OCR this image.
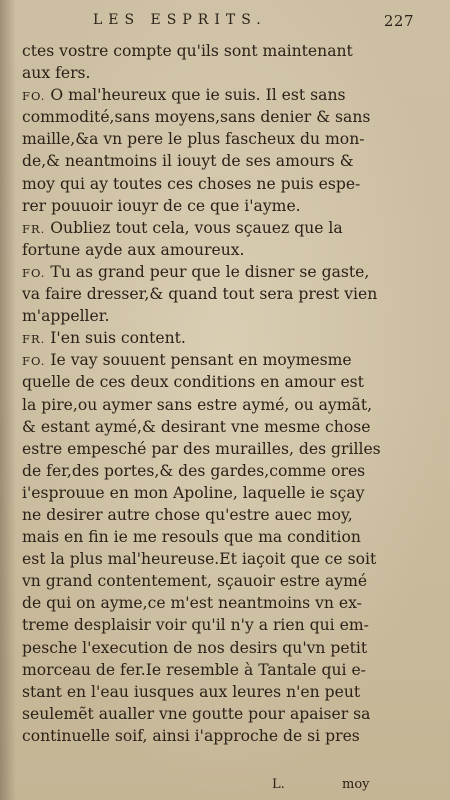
LES ESPRITS.	227
ctes vostre compte qu'ils sont maintenant
aux fers.
FO. O mal'heureux que ie suis. Il est sans
commodité,sans moyens,sans denier & sans
maille,&a vn pere le plus fascheux du mon-
de,& neantmoins il iouyt de ses amours &
moy qui ay toutes ces choses ne puis espe-
rer pouuoir iouyr de ce que i'ayme.
FR. Oubliez tout cela, vous sçauez que la
fortune ayde aux amoureux.
FO. Tu as grand peur que le disner se gaste,
va faire dresser,& quand tout sera prest vien
m'appeller.
FR. I'en suis content.
FO. Ie vay souuent pensant en moymesme
quelle de ces deux conditions en amour est
la pire,ou aymer sans estre aymé, ou aymãt,
& estant aymé,& desirant vne mesme chose
estre empesché par des murailles, des grilles
de fer,des portes,& des gardes,comme ores
i'esprouue en mon Apoline, laquelle ie sçay
ne desirer autre chose qu'estre auec moy,
mais en fin ie me resouls que ma condition
est la plus mal'heureuse.Et iaçoit que ce soit
vn grand contentement, sçauoir estre aymé
de qui on ayme,ce m'est neantmoins vn ex-
treme desplaisir voir qu'il n'y a rien qui em-
pesche l'execution de nos desirs qu'vn petit
morceau de fer.Ie resemble à Tantale qui e-
stant en l'eau iusques aux leures n'en peut
seulemẽt aualler vne goutte pour apaiser sa
continuelle soif, ainsi i'approche de si pres
L.	moy
